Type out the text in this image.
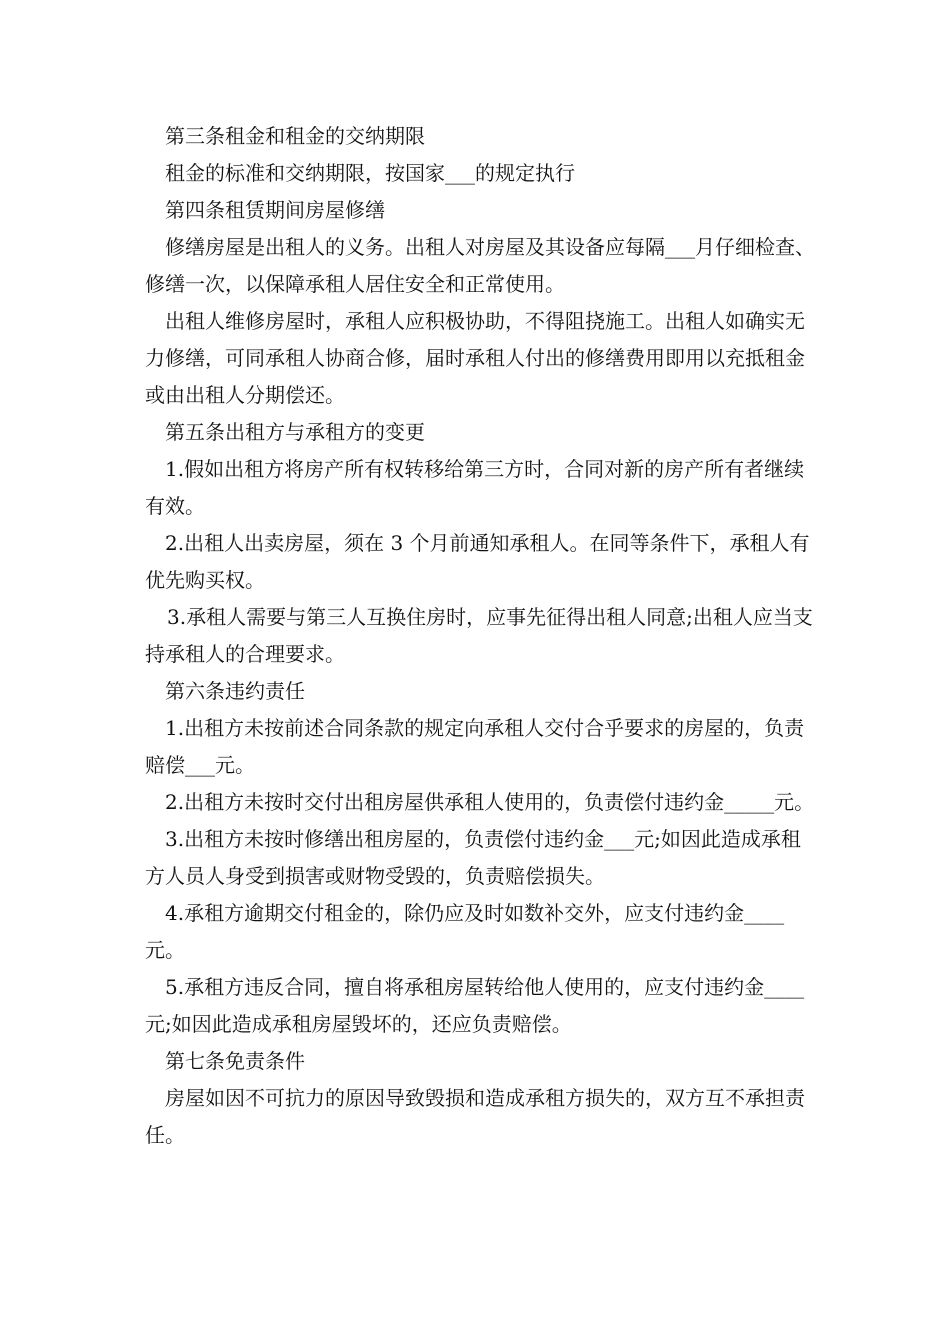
第三条租金和租金的交纳期限

租金的标准和交纳期限，按国家___的规定执行

第四条租赁期间房屋修缮

修缮房屋是出租人的义务。出租人对房屋及其设备应每隔___月仔细检查、修缮一次，以保障承租人居住安全和正常使用。

出租人维修房屋时，承租人应积极协助，不得阻挠施工。出租人如确实无力修缮，可同承租人协商合修，届时承租人付出的修缮费用即用以充抵租金或由出租人分期偿还。

第五条出租方与承租方的变更

1.假如出租方将房产所有权转移给第三方时，合同对新的房产所有者继续有效。

2.出租人出卖房屋，须在 3 个月前通知承租人。在同等条件下，承租人有优先购买权。

3.承租人需要与第三人互换住房时，应事先征得出租人同意;出租人应当支持承租人的合理要求。

第六条违约责任

1.出租方未按前述合同条款的规定向承租人交付合乎要求的房屋的，负责赔偿___元。

2.出租方未按时交付出租房屋供承租人使用的，负责偿付违约金_____元。

3.出租方未按时修缮出租房屋的，负责偿付违约金___元;如因此造成承租方人员人身受到损害或财物受毁的，负责赔偿损失。

4.承租方逾期交付租金的，除仍应及时如数补交外，应支付违约金____元。

5.承租方违反合同，擅自将承租房屋转给他人使用的，应支付违约金____元;如因此造成承租房屋毁坏的，还应负责赔偿。

第七条免责条件

房屋如因不可抗力的原因导致毁损和造成承租方损失的，双方互不承担责任。
